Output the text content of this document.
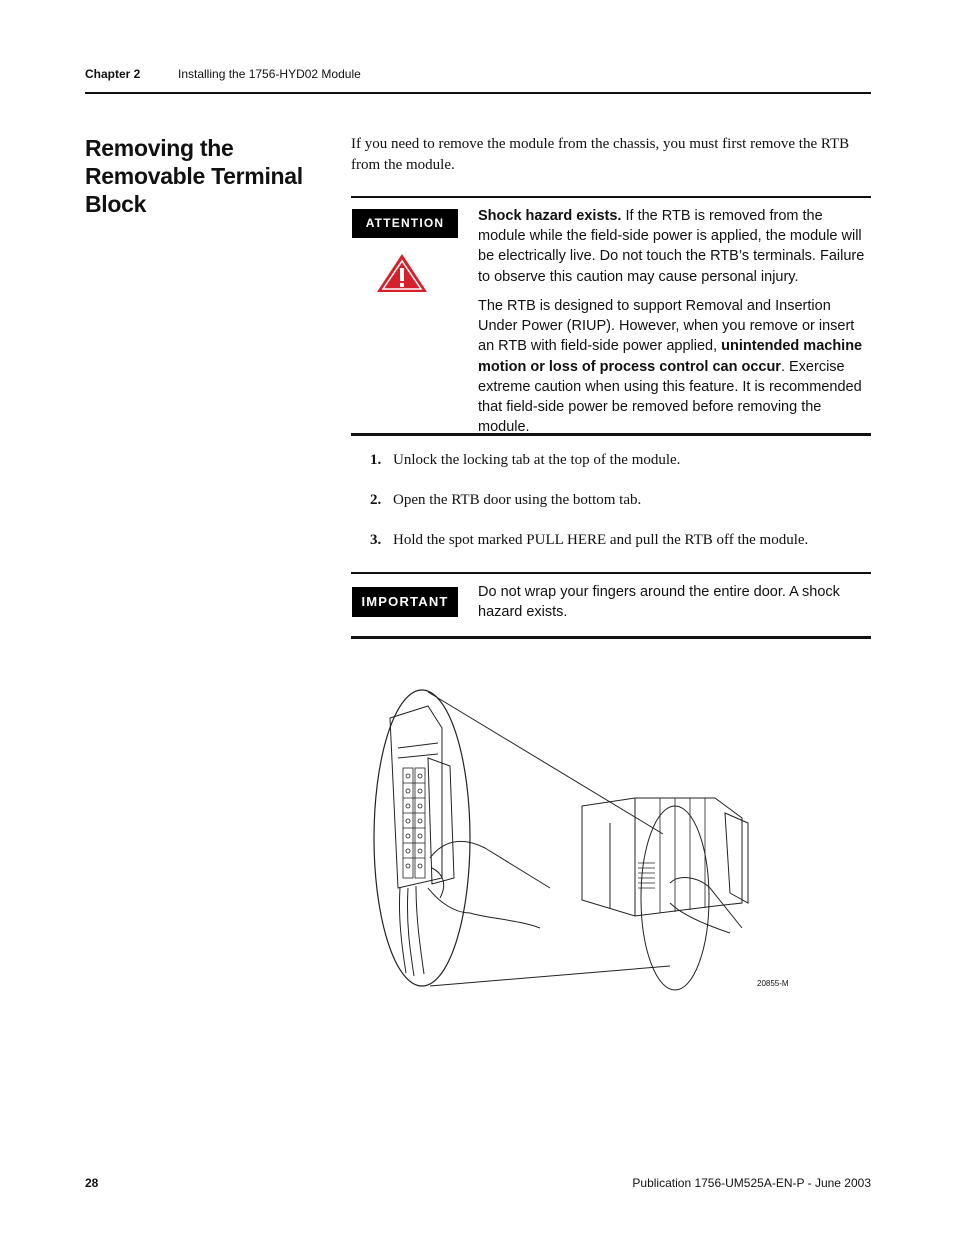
Chapter 2	Installing the 1756-HYD02 Module
Removing the Removable Terminal Block
If you need to remove the module from the chassis, you must first remove the RTB from the module.
ATTENTION	Shock hazard exists. If the RTB is removed from the module while the field-side power is applied, the module will be electrically live. Do not touch the RTB’s terminals. Failure to observe this caution may cause personal injury.

The RTB is designed to support Removal and Insertion Under Power (RIUP). However, when you remove or insert an RTB with field-side power applied, unintended machine motion or loss of process control can occur. Exercise extreme caution when using this feature. It is recommended that field-side power be removed before removing the module.

1. Unlock the locking tab at the top of the module.
2. Open the RTB door using the bottom tab.
3. Hold the spot marked PULL HERE and pull the RTB off the module.
IMPORTANT
Do not wrap your fingers around the entire door. A shock hazard exists.
20855-M
28	Publication 1756-UM525A-EN-P - June 2003
